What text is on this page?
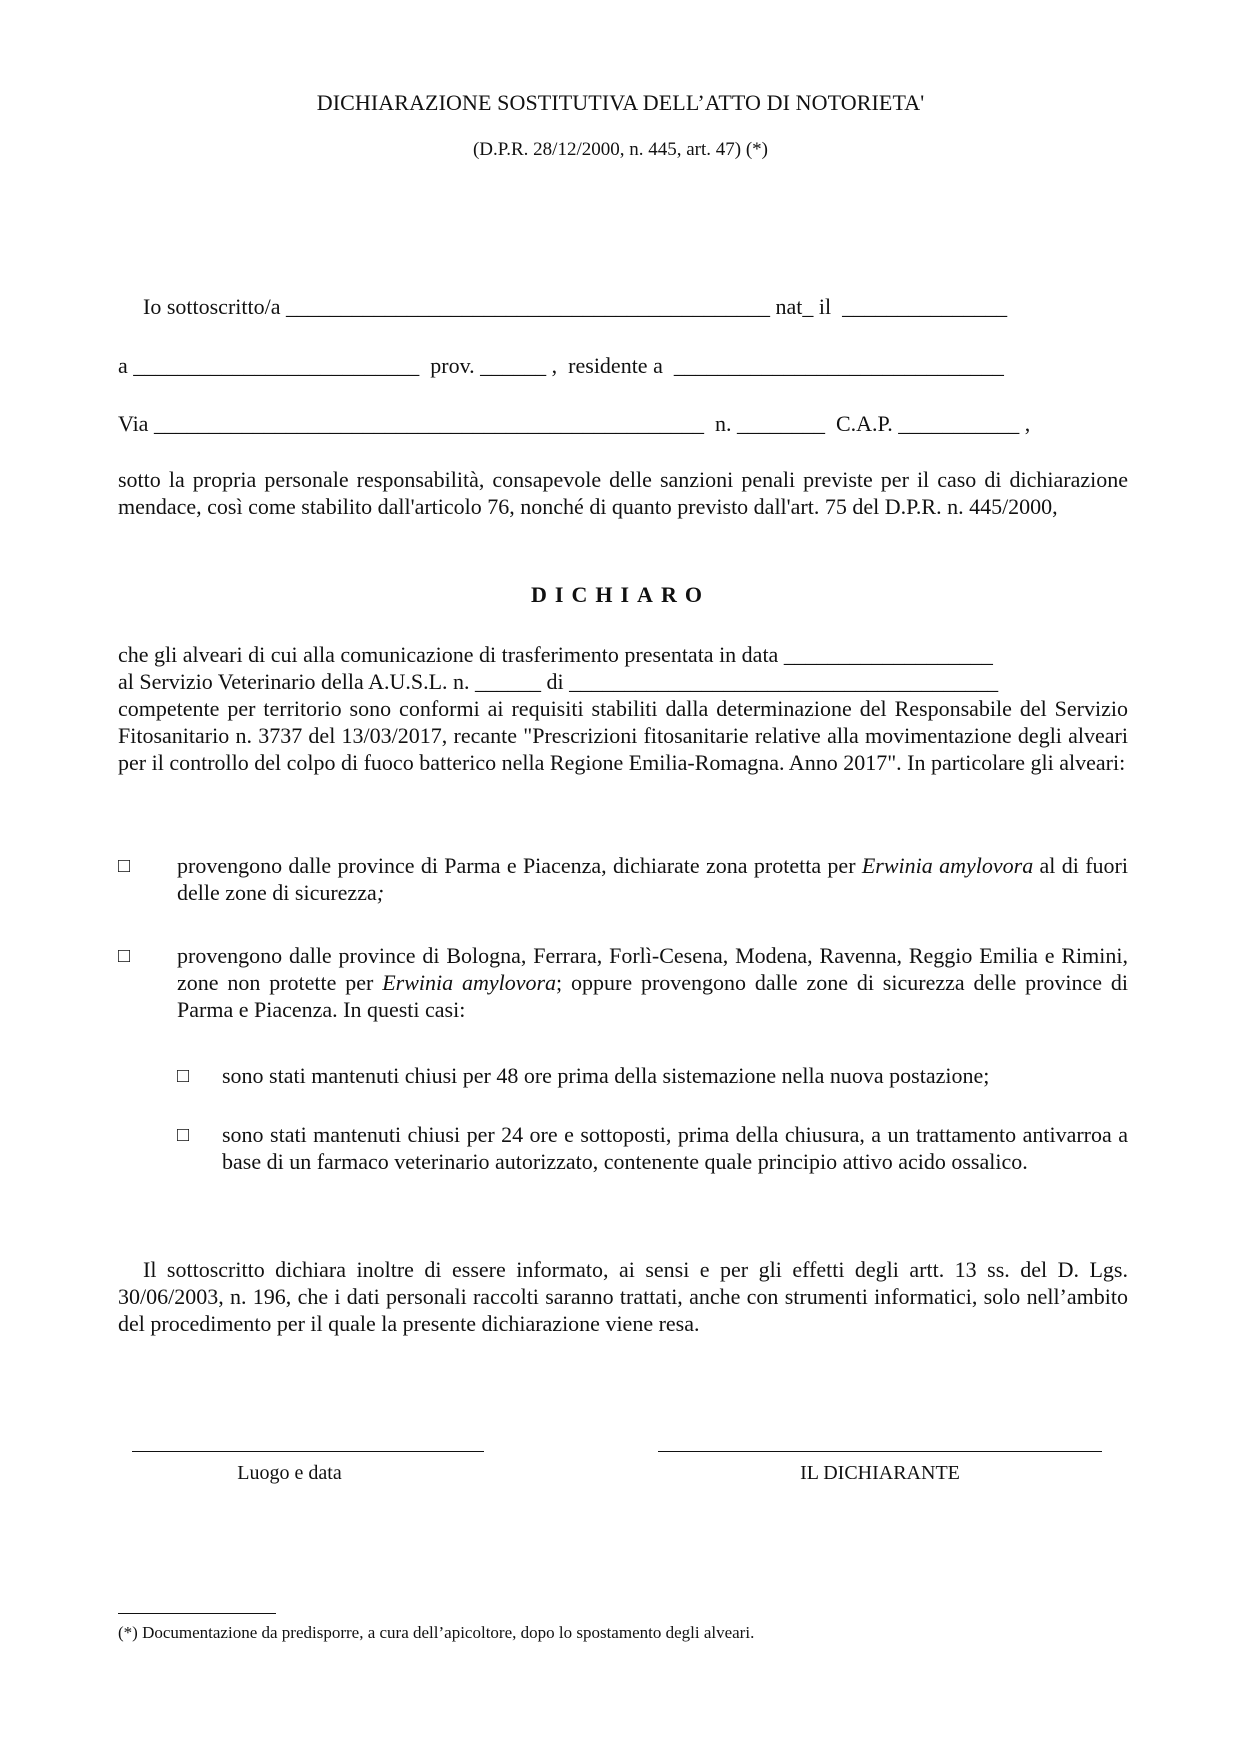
DICHIARAZIONE SOSTITUTIVA DELL’ATTO DI NOTORIETA'
(D.P.R. 28/12/2000, n. 445, art. 47) (*)
Io sottoscritto/a ____________________________________________ nat_ il  _______________
a __________________________  prov. ______ ,  residente a  ______________________________
Via __________________________________________________  n. ________  C.A.P. ___________ ,
sotto la propria personale responsabilità, consapevole delle sanzioni penali previste per il caso di dichiarazione mendace, così come stabilito dall'articolo 76, nonché di quanto previsto dall'art. 75 del D.P.R. n. 445/2000,
DICHIARO
che gli alveari di cui alla comunicazione di trasferimento presentata in data ___________________
al Servizio Veterinario della A.U.S.L. n. ______ di _______________________________________
competente per territorio sono conformi ai requisiti stabiliti dalla determinazione del Responsabile del Servizio Fitosanitario n. 3737 del 13/03/2017, recante "Prescrizioni fitosanitarie relative alla movimentazione degli alveari per il controllo del colpo di fuoco batterico nella Regione Emilia-Romagna. Anno 2017". In particolare gli alveari:
□ provengono dalle province di Parma e Piacenza, dichiarate zona protetta per Erwinia amylovora al di fuori delle zone di sicurezza;
□ provengono dalle province di Bologna, Ferrara, Forlì-Cesena, Modena, Ravenna, Reggio Emilia e Rimini, zone non protette per Erwinia amylovora; oppure provengono dalle zone di sicurezza delle province di Parma e Piacenza. In questi casi:
□ sono stati mantenuti chiusi per 48 ore prima della sistemazione nella nuova postazione;
□ sono stati mantenuti chiusi per 24 ore e sottoposti, prima della chiusura, a un trattamento antivarroa a base di un farmaco veterinario autorizzato, contenente quale principio attivo acido ossalico.
Il sottoscritto dichiara inoltre di essere informato, ai sensi e per gli effetti degli artt. 13 ss. del D. Lgs. 30/06/2003, n. 196, che i dati personali raccolti saranno trattati, anche con strumenti informatici, solo nell’ambito del procedimento per il quale la presente dichiarazione viene resa.
Luogo e data	IL DICHIARANTE
(*) Documentazione da predisporre, a cura dell’apicoltore, dopo lo spostamento degli alveari.
